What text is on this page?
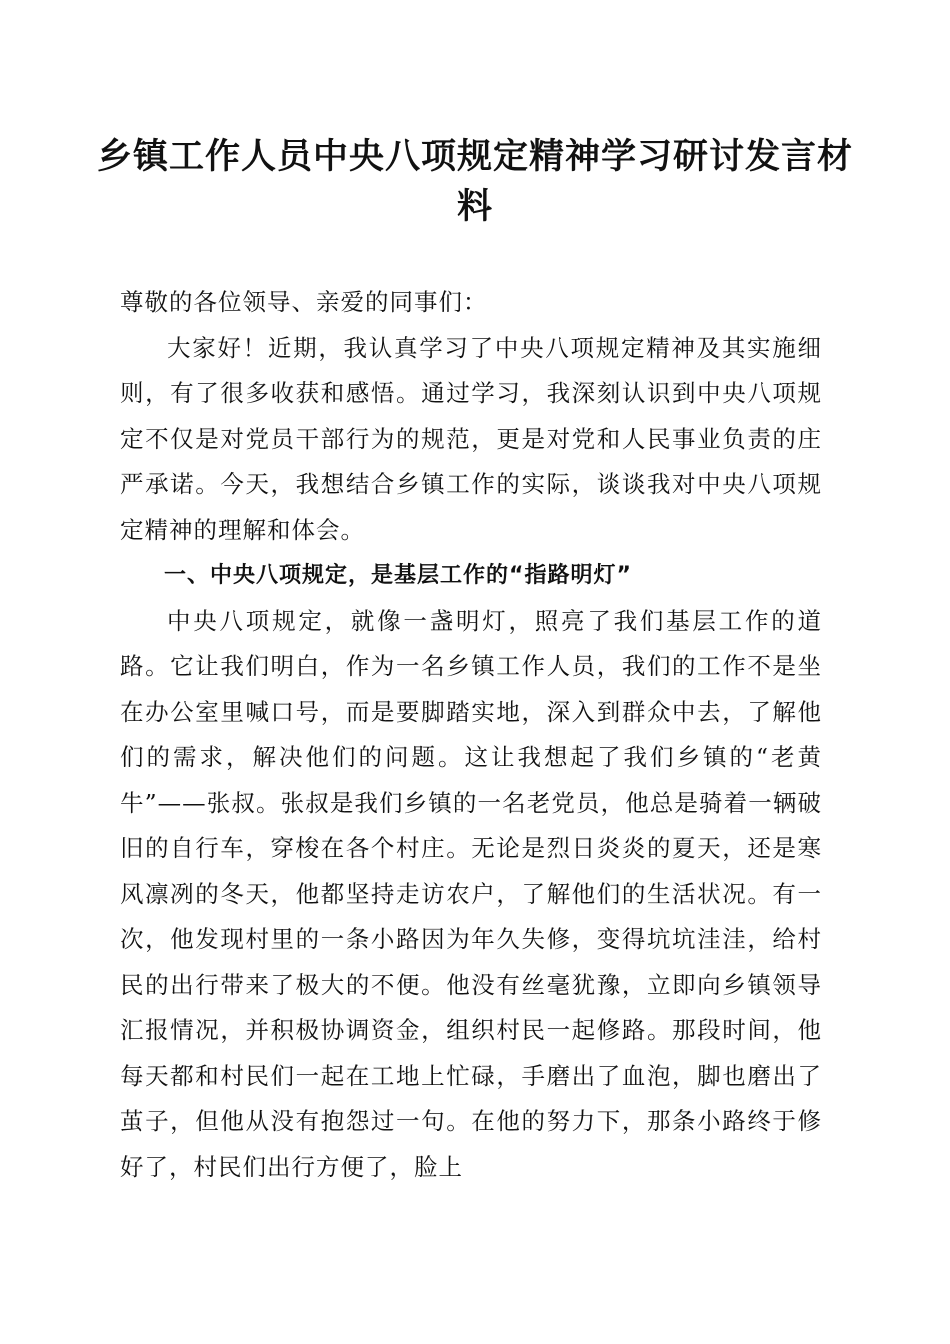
乡镇工作人员中央八项规定精神学习研讨发言材料

尊敬的各位领导、亲爱的同事们：

大家好！近期，我认真学习了中央八项规定精神及其实施细则，有了很多收获和感悟。通过学习，我深刻认识到中央八项规定不仅是对党员干部行为的规范，更是对党和人民事业负责的庄严承诺。今天，我想结合乡镇工作的实际，谈谈我对中央八项规定精神的理解和体会。

一、中央八项规定，是基层工作的“指路明灯”

中央八项规定，就像一盏明灯，照亮了我们基层工作的道路。它让我们明白，作为一名乡镇工作人员，我们的工作不是坐在办公室里喊口号，而是要脚踏实地，深入到群众中去，了解他们的需求，解决他们的问题。这让我想起了我们乡镇的“老黄牛”——张叔。张叔是我们乡镇的一名老党员，他总是骑着一辆破旧的自行车，穿梭在各个村庄。无论是烈日炎炎的夏天，还是寒风凛冽的冬天，他都坚持走访农户，了解他们的生活状况。有一次，他发现村里的一条小路因为年久失修，变得坑坑洼洼，给村民的出行带来了极大的不便。他没有丝毫犹豫，立即向乡镇领导汇报情况，并积极协调资金，组织村民一起修路。那段时间，他每天都和村民们一起在工地上忙碌，手磨出了血泡，脚也磨出了茧子，但他从没有抱怨过一句。在他的努力下，那条小路终于修好了，村民们出行方便了，脸上
